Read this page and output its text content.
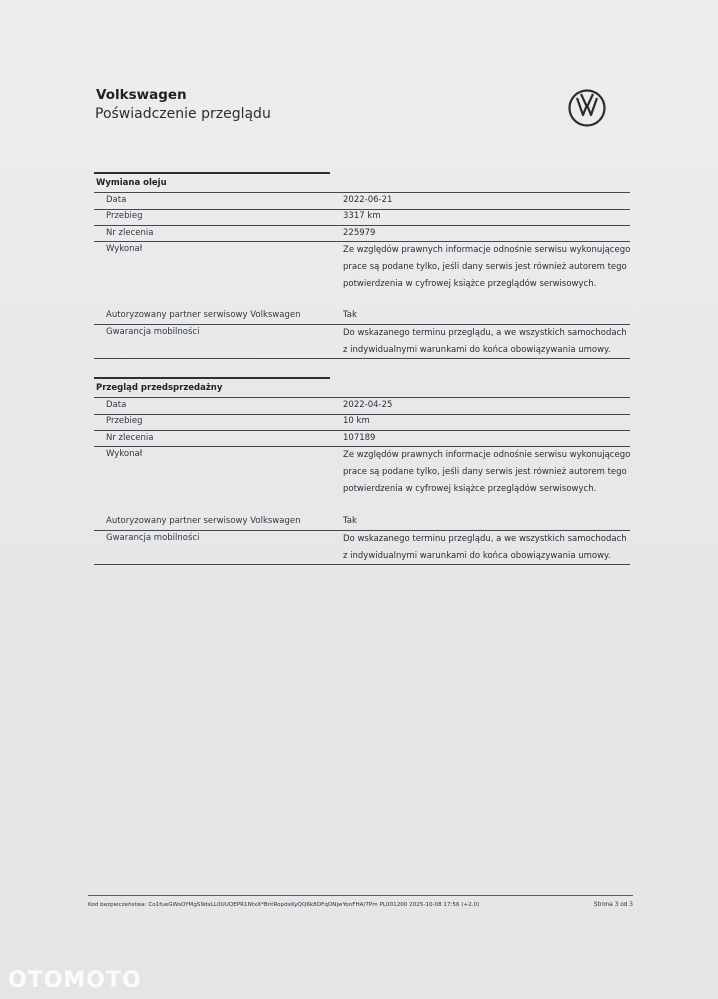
Volkswagen
Poświadczenie przeglądu
Wymiana oleju
Data	2022-06-21
Przebieg	3317 km
Nr zlecenia	225979
Wykonał	Ze względów prawnych informacje odnośnie serwisu wykonującego prace są podane tylko, jeśli dany serwis jest również autorem tego potwierdzenia w cyfrowej książce przeglądów serwisowych.
Autoryzowany partner serwisowy Volkswagen	Tak
Gwarancja mobilności	Do wskazanego terminu przeglądu, a we wszystkich samochodach z indywidualnymi warunkami do końca obowiązywania umowy.
Przegląd przedsprzedażny
Data	2022-04-25
Przebieg	10 km
Nr zlecenia	107189
Wykonał	Ze względów prawnych informacje odnośnie serwisu wykonującego prace są podane tylko, jeśli dany serwis jest również autorem tego potwierdzenia w cyfrowej książce przeglądów serwisowych.
Autoryzowany partner serwisowy Volkswagen	Tak
Gwarancja mobilności	Do wskazanego terminu przeglądu, a we wszystkich samochodach z indywidualnymi warunkami do końca obowiązywania umowy.
Kod bezpieczeństwa: Co1fueGWsOYMgS9dxLL0UUQEPR1NtxX*BntRopdxKyQQ6k8OFqONjwYonFHA/7Pm PL001200 2025-10-08 17:56 (+2.0)	Strona 3 od 3
OTOMOTO
